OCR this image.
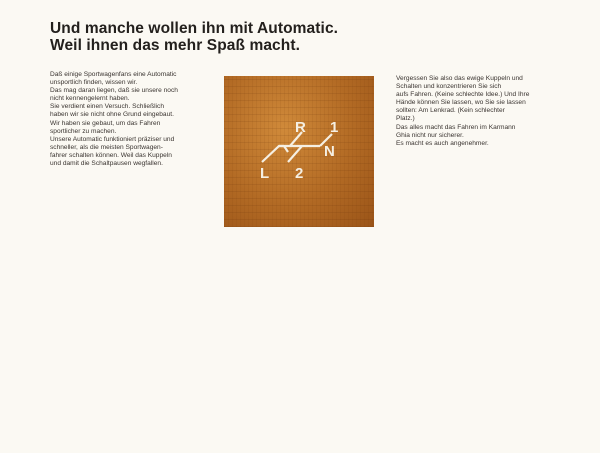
Und manche wollen ihn mit Automatic.
Weil ihnen das mehr Spaß macht.
Daß einige Sportwagenfans eine Automatic
unsportlich finden, wissen wir.
Das mag daran liegen, daß sie unsere noch
nicht kennengelernt haben.
Sie verdient einen Versuch. Schließlich
haben wir sie nicht ohne Grund eingebaut.
Wir haben sie gebaut, um das Fahren
sportlicher zu machen.
Unsere Automatic funktioniert präziser und
schneller, als die meisten Sportwagen-
fahrer schalten können. Weil das Kuppeln
und damit die Schaltpausen wegfallen.
R 1
N
L 2
Vergessen Sie also das ewige Kuppeln und
Schalten und konzentrieren Sie sich
aufs Fahren. (Keine schlechte Idee.) Und Ihre
Hände können Sie lassen, wo Sie sie lassen
sollten: Am Lenkrad. (Kein schlechter
Platz.)
Das alles macht das Fahren im Karmann
Ghia nicht nur sicherer.
Es macht es auch angenehmer.
